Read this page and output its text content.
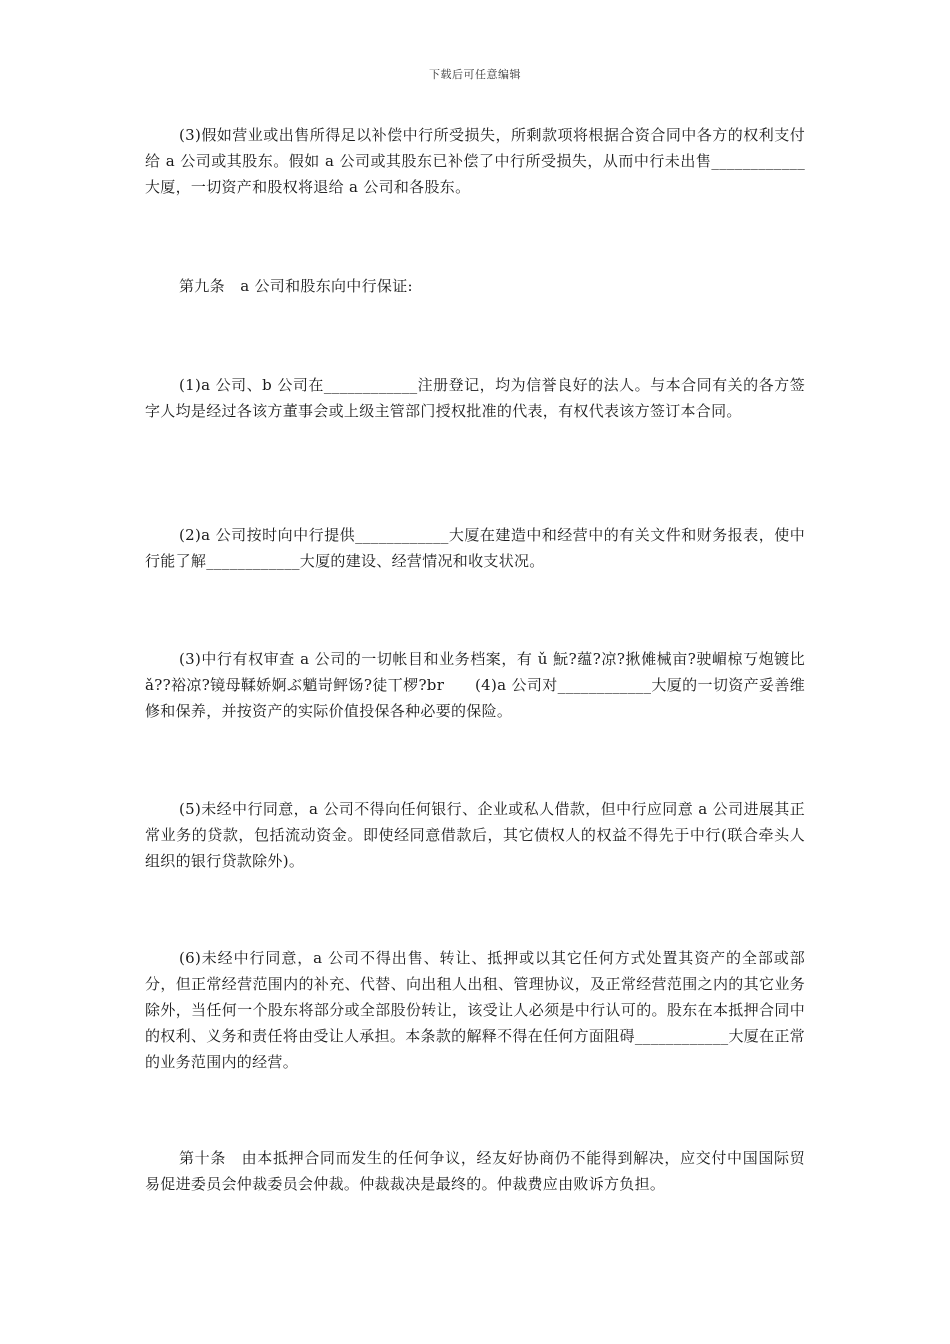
下载后可任意编辑

(3)假如营业或出售所得足以补偿中行所受损失，所剩款项将根据合资合同中各方的权利支付给 a 公司或其股东。假如 a 公司或其股东已补偿了中行所受损失，从而中行未出售____________大厦，一切资产和股权将退给 a 公司和各股东。

第九条　a 公司和股东向中行保证:

(1)a 公司、b 公司在____________注册登记，均为信誉良好的法人。与本合同有关的各方签字人均是经过各该方董事会或上级主管部门授权批准的代表，有权代表该方签订本合同。

(2)a 公司按时向中行提供____________大厦在建造中和经营中的有关文件和财务报表，使中行能了解____________大厦的建设、经营情况和收支状况。

(3)中行有权审查 a 公司的一切帐目和业务档案，有 ǔ 魭?蕴?凉?揪傩械亩?驶嵋椋丂炮镀比 ǎ??裕凉?镜母鞣娇婀ぶ魈岢鲆饧?徒丅椤?br　　(4)a 公司对____________大厦的一切资产妥善维修和保养，并按资产的实际价值投保各种必要的保险。

(5)未经中行同意，a 公司不得向任何银行、企业或私人借款，但中行应同意 a 公司进展其正常业务的贷款，包括流动资金。即使经同意借款后，其它债权人的权益不得先于中行(联合牵头人组织的银行贷款除外)。

(6)未经中行同意，a 公司不得出售、转让、抵押或以其它任何方式处置其资产的全部或部分，但正常经营范围内的补充、代替、向出租人出租、管理协议，及正常经营范围之内的其它业务除外，当任何一个股东将部分或全部股份转让，该受让人必须是中行认可的。股东在本抵押合同中的权利、义务和责任将由受让人承担。本条款的解释不得在任何方面阻碍____________大厦在正常的业务范围内的经营。

第十条　由本抵押合同而发生的任何争议，经友好协商仍不能得到解决，应交付中国国际贸易促进委员会仲裁委员会仲裁。仲裁裁决是最终的。仲裁费应由败诉方负担。
